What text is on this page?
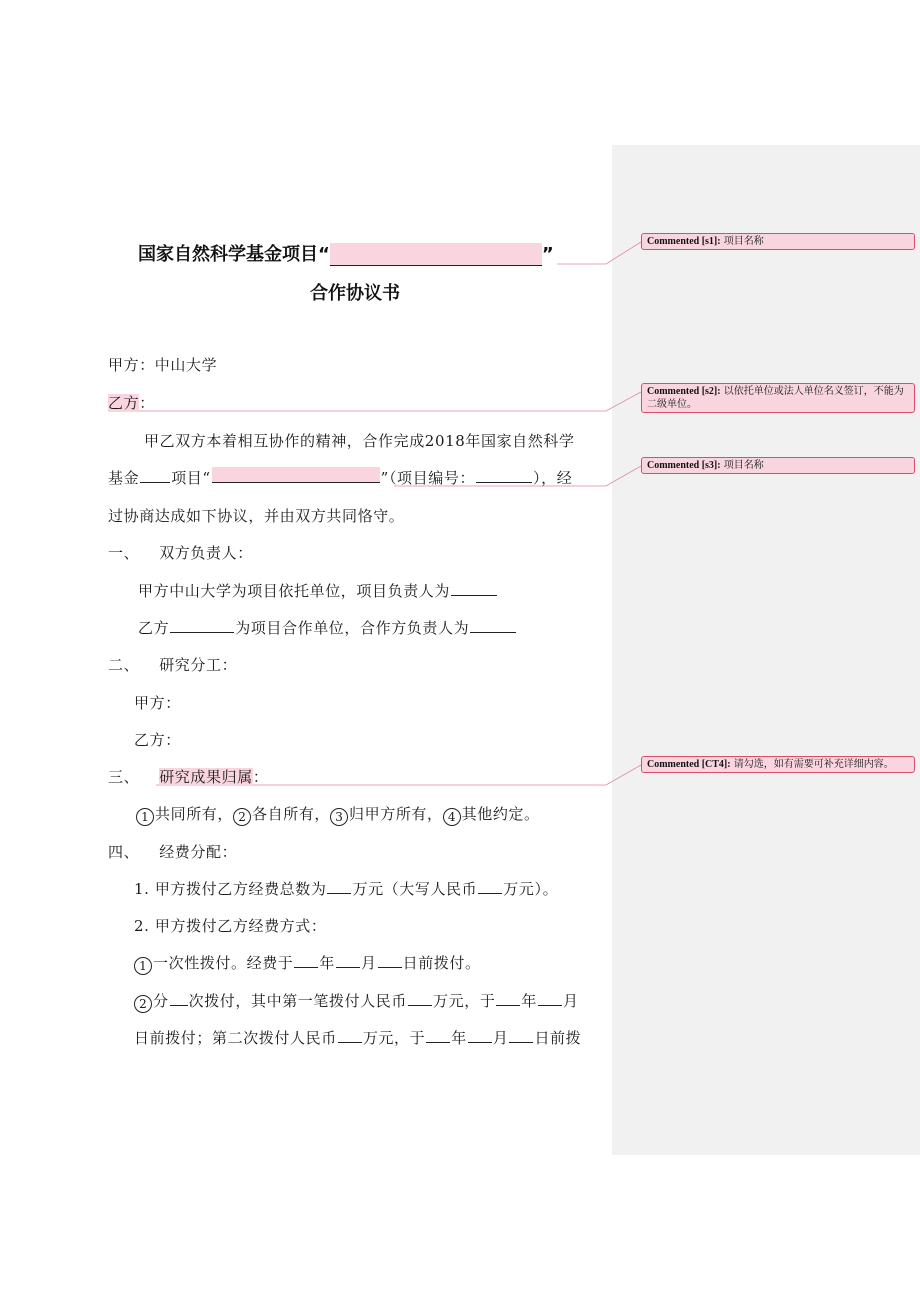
国家自然科学基金项目“	”
合作协议书
甲方：中山大学
乙方：
甲乙双方本着相互协作的精神，合作完成2018年国家自然科学
基金 项目“	”（项目编号：	），经
过协商达成如下协议，并由双方共同恪守。
一、 双方负责人：
甲方中山大学为项目依托单位，项目负责人为
乙方	为项目合作单位，合作方负责人为
二、 研究分工：
甲方：
乙方：
三、 研究成果归属：
1 共同所有， 2 各自所有， 3 归甲方所有， 4 其他约定。
四、 经费分配：
1. 甲方拨付乙方经费总数为 万元（大写人民币 万元）。
2. 甲方拨付乙方经费方式：
1 一次性拨付。经费于 年 月 日前拨付。
2 分 次拨付，其中第一笔拨付人民币 万元，于 年 月
日前拨付；第二次拨付人民币 万元，于 年 月 日前拨
Commented [s1]: 项目名称
Commented [s2]: 以依托单位或法人单位名义签订，不能为二级单位。
Commented [s3]: 项目名称
Commented [CT4]: 请勾选，如有需要可补充详细内容。
